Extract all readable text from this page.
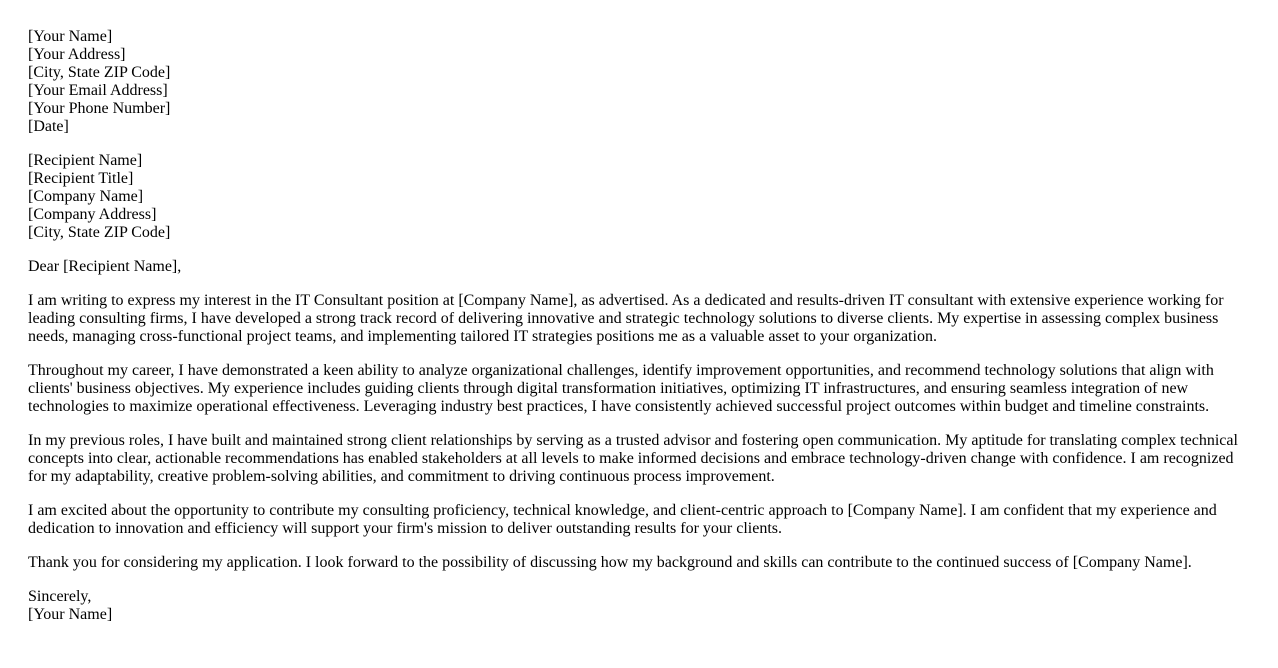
[Your Name]
[Your Address]
[City, State ZIP Code]
[Your Email Address]
[Your Phone Number]
[Date]

[Recipient Name]
[Recipient Title]
[Company Name]
[Company Address]
[City, State ZIP Code]

Dear [Recipient Name],

I am writing to express my interest in the IT Consultant position at [Company Name], as advertised. As a dedicated and results-driven IT consultant with extensive experience working for leading consulting firms, I have developed a strong track record of delivering innovative and strategic technology solutions to diverse clients. My expertise in assessing complex business needs, managing cross-functional project teams, and implementing tailored IT strategies positions me as a valuable asset to your organization.

Throughout my career, I have demonstrated a keen ability to analyze organizational challenges, identify improvement opportunities, and recommend technology solutions that align with clients' business objectives. My experience includes guiding clients through digital transformation initiatives, optimizing IT infrastructures, and ensuring seamless integration of new technologies to maximize operational effectiveness. Leveraging industry best practices, I have consistently achieved successful project outcomes within budget and timeline constraints.

In my previous roles, I have built and maintained strong client relationships by serving as a trusted advisor and fostering open communication. My aptitude for translating complex technical concepts into clear, actionable recommendations has enabled stakeholders at all levels to make informed decisions and embrace technology-driven change with confidence. I am recognized for my adaptability, creative problem-solving abilities, and commitment to driving continuous process improvement.

I am excited about the opportunity to contribute my consulting proficiency, technical knowledge, and client-centric approach to [Company Name]. I am confident that my experience and dedication to innovation and efficiency will support your firm's mission to deliver outstanding results for your clients.

Thank you for considering my application. I look forward to the possibility of discussing how my background and skills can contribute to the continued success of [Company Name].

Sincerely,
[Your Name]
